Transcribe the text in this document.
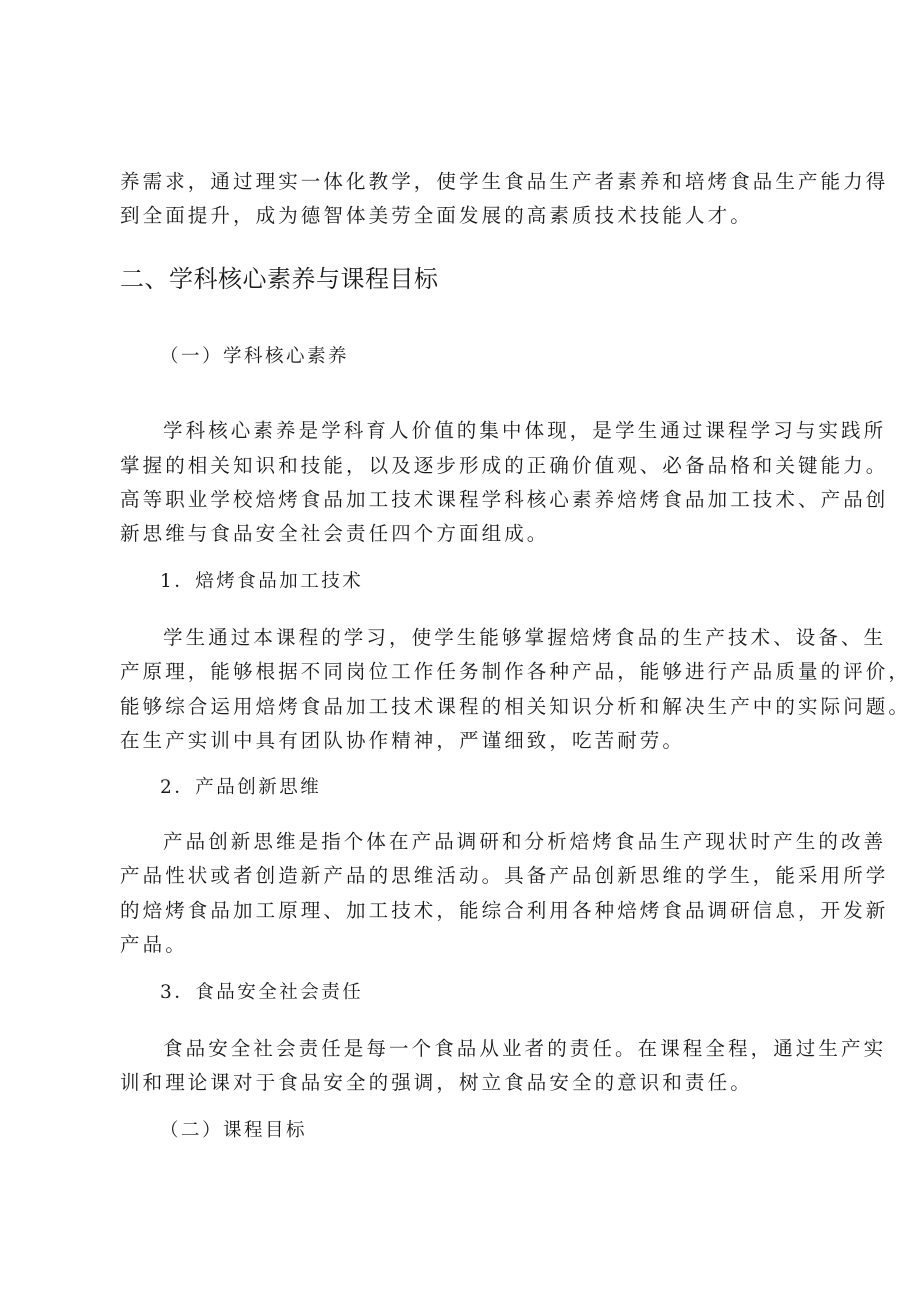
养需求，通过理实一体化教学，使学生食品生产者素养和培烤食品生产能力得
到全面提升，成为德智体美劳全面发展的高素质技术技能人才。
二、学科核心素养与课程目标
（一）学科核心素养
学科核心素养是学科育人价值的集中体现，是学生通过课程学习与实践所
掌握的相关知识和技能，以及逐步形成的正确价值观、必备品格和关键能力。
高等职业学校焙烤食品加工技术课程学科核心素养焙烤食品加工技术、产品创
新思维与食品安全社会责任四个方面组成。
1．焙烤食品加工技术
学生通过本课程的学习，使学生能够掌握焙烤食品的生产技术、设备、生
产原理，能够根据不同岗位工作任务制作各种产品，能够进行产品质量的评价，
能够综合运用焙烤食品加工技术课程的相关知识分析和解决生产中的实际问题。
在生产实训中具有团队协作精神，严谨细致，吃苦耐劳。
2．产品创新思维
产品创新思维是指个体在产品调研和分析焙烤食品生产现状时产生的改善
产品性状或者创造新产品的思维活动。具备产品创新思维的学生，能采用所学
的焙烤食品加工原理、加工技术，能综合利用各种焙烤食品调研信息，开发新
产品。
3．食品安全社会责任
食品安全社会责任是每一个食品从业者的责任。在课程全程，通过生产实
训和理论课对于食品安全的强调，树立食品安全的意识和责任。
（二）课程目标
